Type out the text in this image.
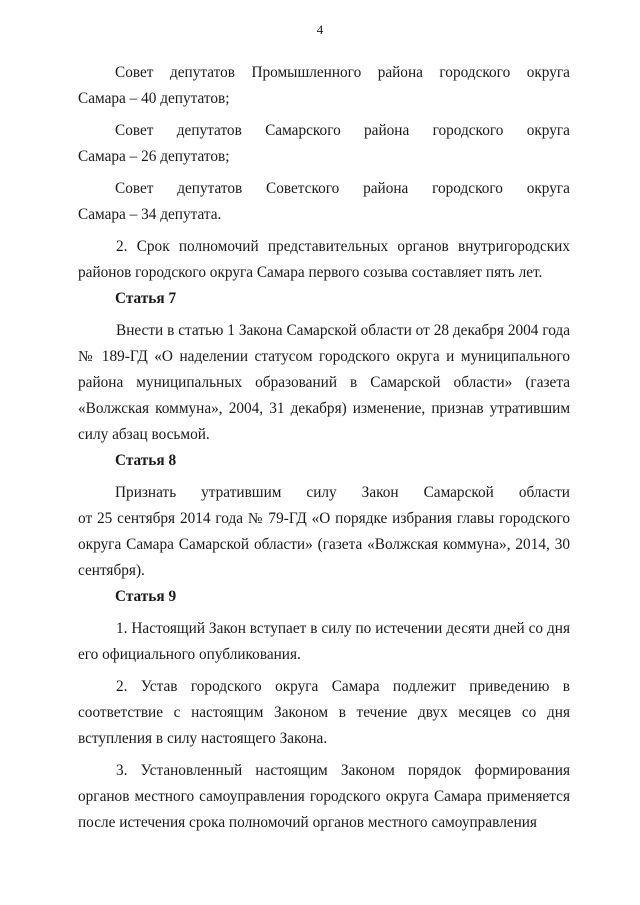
4
Совет депутатов Промышленного района городского округа

Самара – 40 депутатов;

Совет депутатов Самарского района городского округа

Самара – 26 депутатов;

Совет депутатов Советского района городского округа

Самара – 34 депутата.

2. Срок полномочий представительных органов внутригородских районов городского округа Самара первого созыва составляет пять лет.

Статья 7

Внести в статью 1 Закона Самарской области от 28 декабря 2004 года № 189-ГД «О наделении статусом городского округа и муниципального района муниципальных образований в Самарской области» (газета «Волжская коммуна», 2004, 31 декабря) изменение, признав утратившим силу абзац восьмой.

Статья 8

Признать утратившим силу Закон Самарской области

от 25 сентября 2014 года № 79-ГД «О порядке избрания главы городского округа Самара Самарской области» (газета «Волжская коммуна», 2014, 30 сентября).

Статья 9

1. Настоящий Закон вступает в силу по истечении десяти дней со дня его официального опубликования.

2. Устав городского округа Самара подлежит приведению в соответствие с настоящим Законом в течение двух месяцев со дня вступления в силу настоящего Закона.

3. Установленный настоящим Законом порядок формирования органов местного самоуправления городского округа Самара применяется после истечения срока полномочий органов местного самоуправления
